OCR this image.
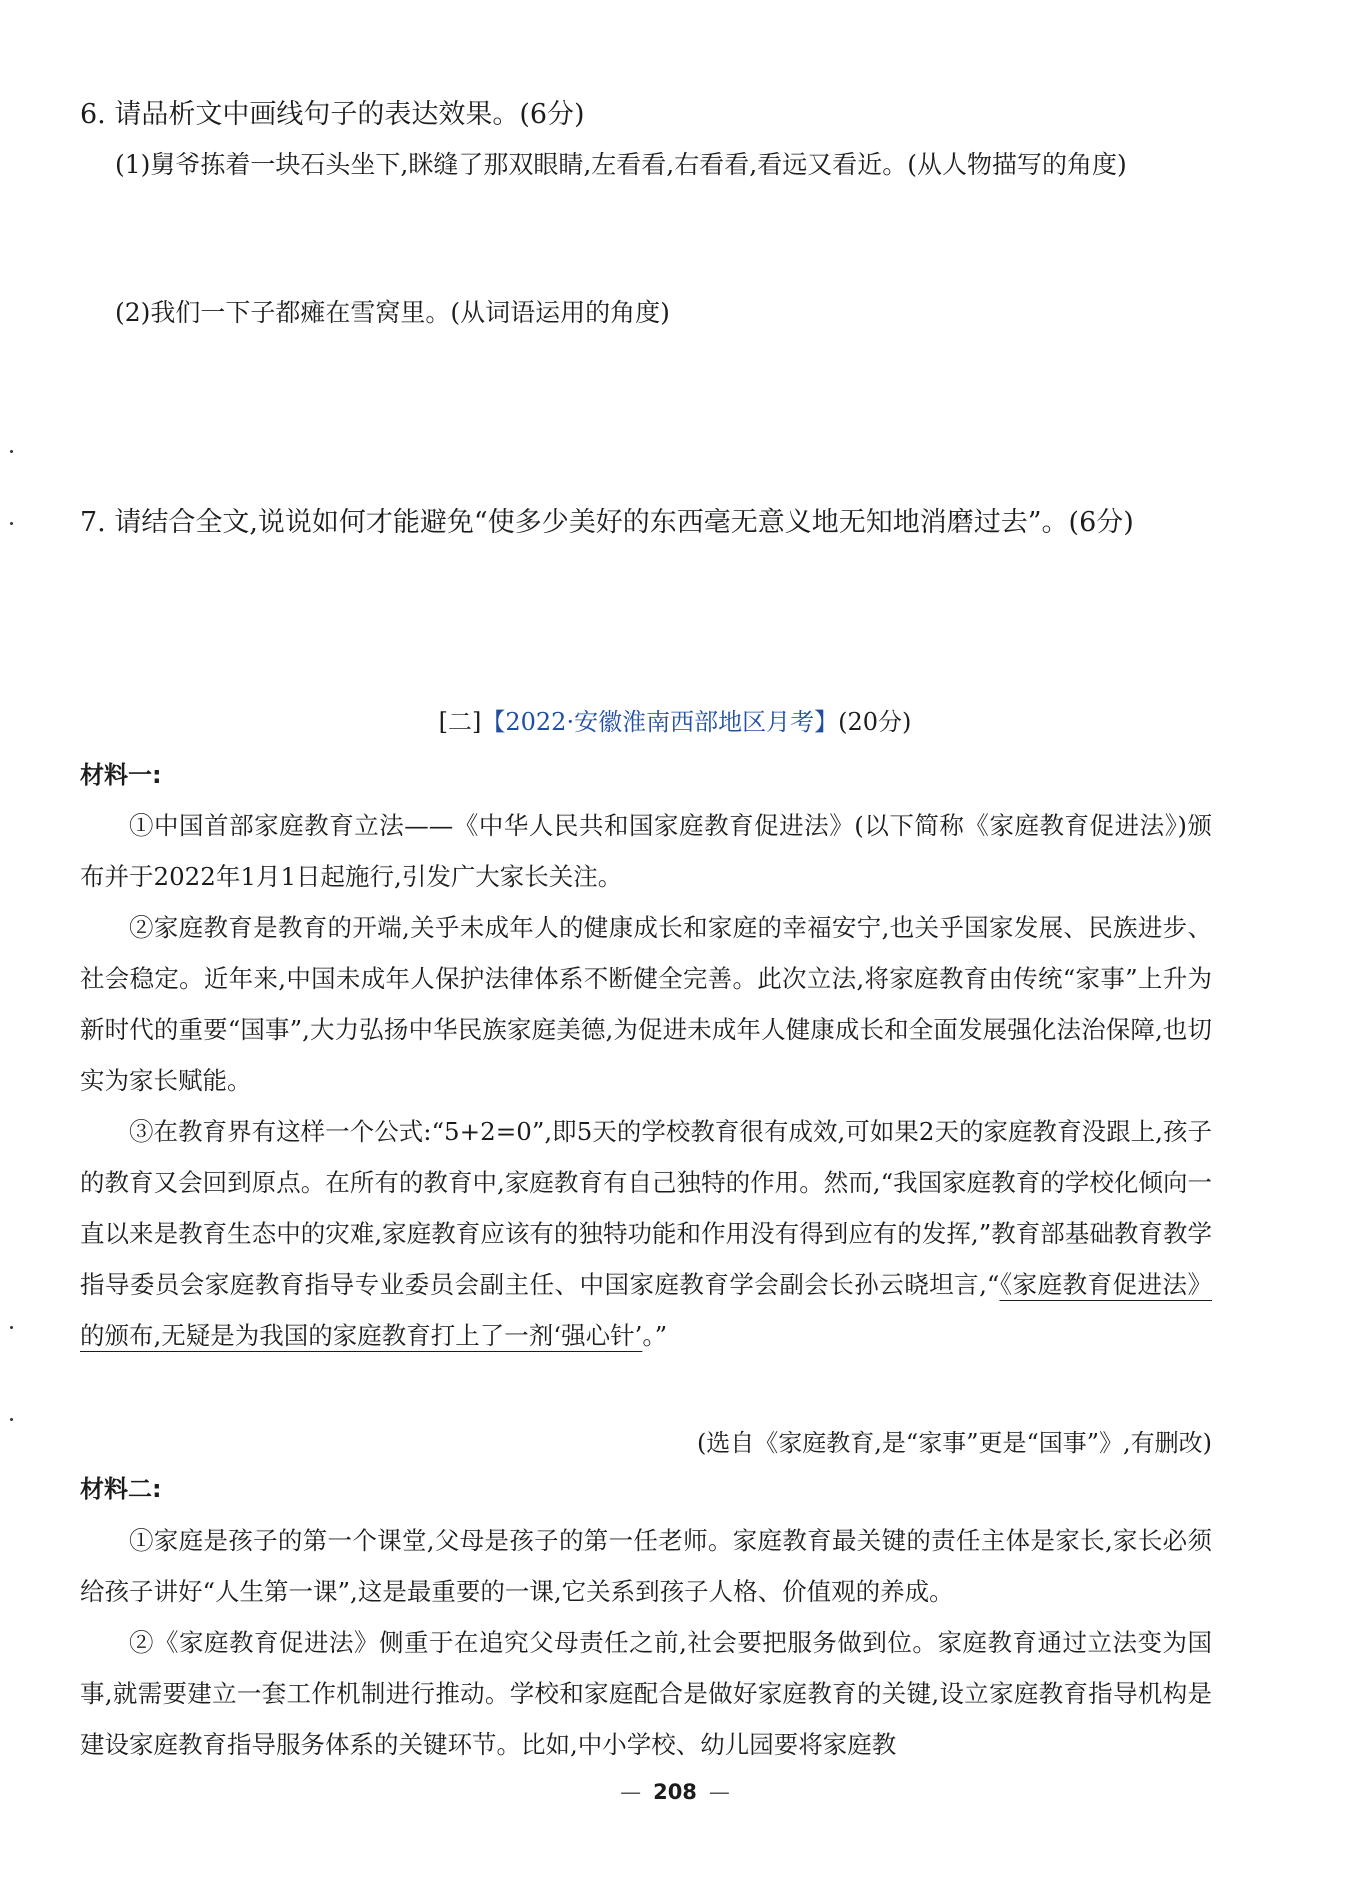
6. 请品析文中画线句子的表达效果。(6分)
(1)舅爷拣着一块石头坐下,眯缝了那双眼睛,左看看,右看看,看远又看近。(从人物描写的角度)
(2)我们一下子都瘫在雪窝里。(从词语运用的角度)
7. 请结合全文,说说如何才能避免“使多少美好的东西毫无意义地无知地消磨过去”。(6分)
[二]【2022·安徽淮南西部地区月考】(20分)
材料一:

①中国首部家庭教育立法——《中华人民共和国家庭教育促进法》(以下简称《家庭教育促进法》)颁布并于2022年1月1日起施行,引发广大家长关注。

②家庭教育是教育的开端,关乎未成年人的健康成长和家庭的幸福安宁,也关乎国家发展、民族进步、社会稳定。近年来,中国未成年人保护法律体系不断健全完善。此次立法,将家庭教育由传统“家事”上升为新时代的重要“国事”,大力弘扬中华民族家庭美德,为促进未成年人健康成长和全面发展强化法治保障,也切实为家长赋能。

③在教育界有这样一个公式:“5+2=0”,即5天的学校教育很有成效,可如果2天的家庭教育没跟上,孩子的教育又会回到原点。在所有的教育中,家庭教育有自己独特的作用。然而,“我国家庭教育的学校化倾向一直以来是教育生态中的灾难,家庭教育应该有的独特功能和作用没有得到应有的发挥,”教育部基础教育教学指导委员会家庭教育指导专业委员会副主任、中国家庭教育学会副会长孙云晓坦言,“《家庭教育促进法》的颁布,无疑是为我国的家庭教育打上了一剂‘强心针’。”

(选自《家庭教育,是“家事”更是“国事”》,有删改)
材料二:

①家庭是孩子的第一个课堂,父母是孩子的第一任老师。家庭教育最关键的责任主体是家长,家长必须给孩子讲好“人生第一课”,这是最重要的一课,它关系到孩子人格、价值观的养成。

②《家庭教育促进法》侧重于在追究父母责任之前,社会要把服务做到位。家庭教育通过立法变为国事,就需要建立一套工作机制进行推动。学校和家庭配合是做好家庭教育的关键,设立家庭教育指导机构是建设家庭教育指导服务体系的关键环节。比如,中小学校、幼儿园要将家庭教

— 208 —
